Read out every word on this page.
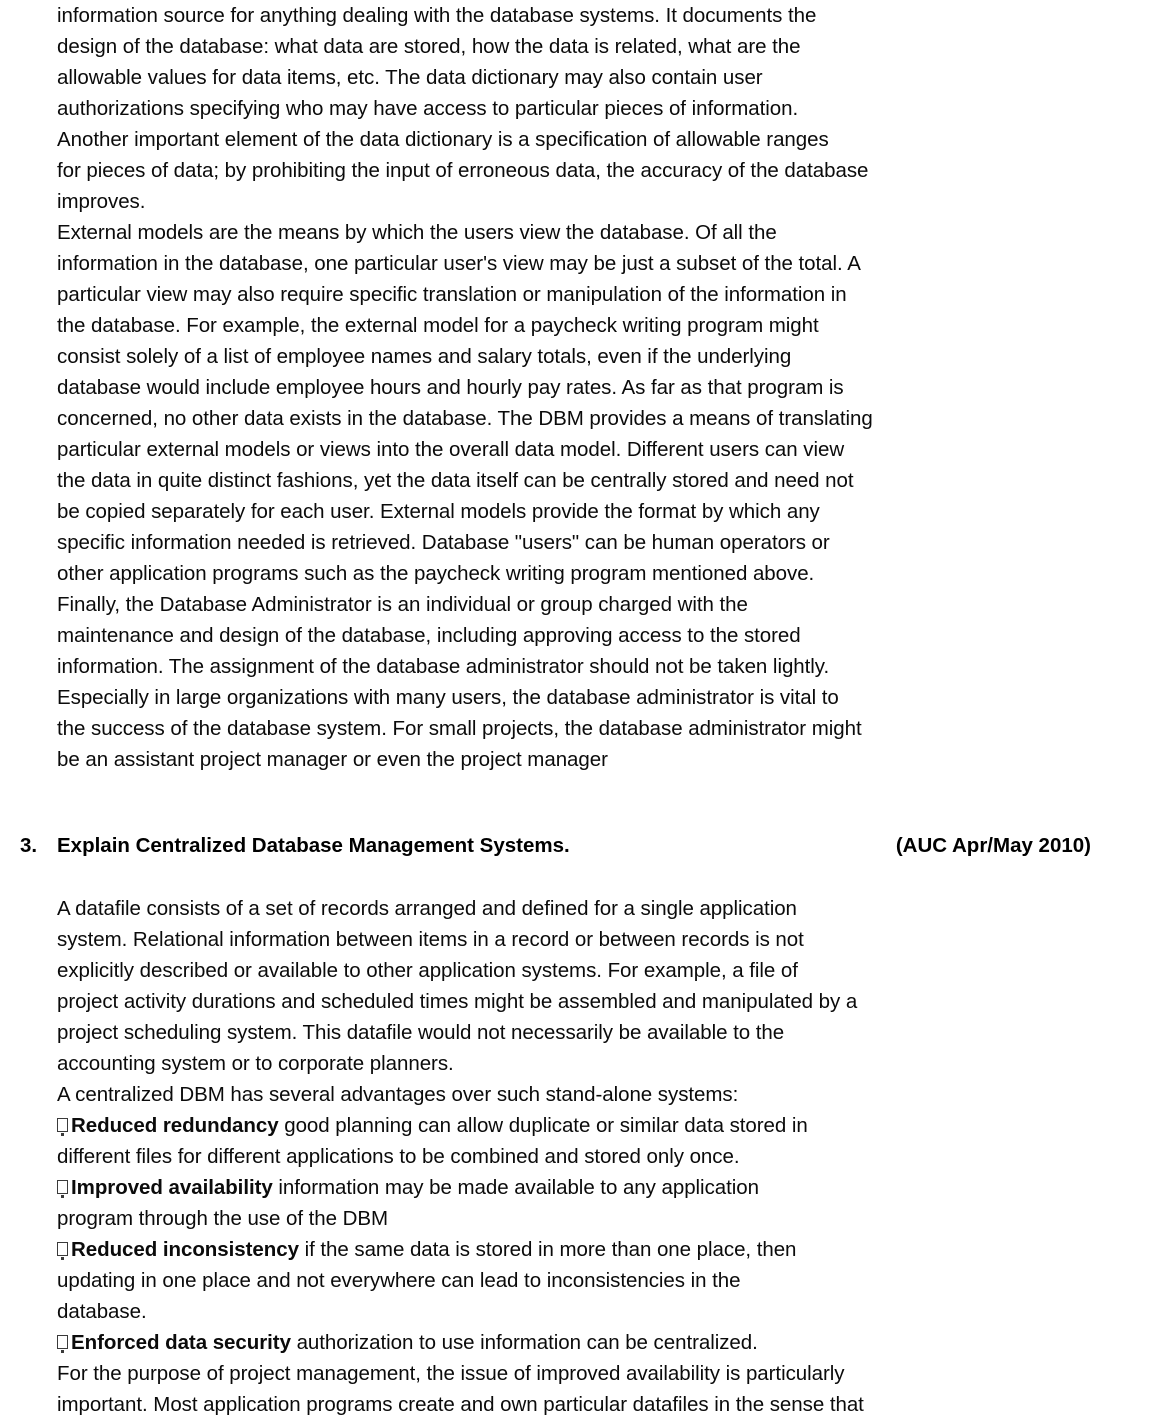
information source for anything dealing with the database systems. It documents the
design of the database: what data are stored, how the data is related, what are the
allowable values for data items, etc. The data dictionary may also contain user
authorizations specifying who may have access to particular pieces of information.
Another important element of the data dictionary is a specification of allowable ranges
for pieces of data; by prohibiting the input of erroneous data, the accuracy of the database
improves.
External models are the means by which the users view the database. Of all the
information in the database, one particular user's view may be just a subset of the total. A
particular view may also require specific translation or manipulation of the information in
the database. For example, the external model for a paycheck writing program might
consist solely of a list of employee names and salary totals, even if the underlying
database would include employee hours and hourly pay rates. As far as that program is
concerned, no other data exists in the database. The DBM provides a means of translating
particular external models or views into the overall data model. Different users can view
the data in quite distinct fashions, yet the data itself can be centrally stored and need not
be copied separately for each user. External models provide the format by which any
specific information needed is retrieved. Database "users" can be human operators or
other application programs such as the paycheck writing program mentioned above.
Finally, the Database Administrator is an individual or group charged with the
maintenance and design of the database, including approving access to the stored
information. The assignment of the database administrator should not be taken lightly.
Especially in large organizations with many users, the database administrator is vital to
the success of the database system. For small projects, the database administrator might
be an assistant project manager or even the project manager

3.

Explain Centralized Database Management Systems.

	(AUC Apr/May 2010)

A datafile consists of a set of records arranged and defined for a single application
system. Relational information between items in a record or between records is not
explicitly described or available to other application systems. For example, a file of
project activity durations and scheduled times might be assembled and manipulated by a
project scheduling system. This datafile would not necessarily be available to the
accounting system or to corporate planners.
A centralized DBM has several advantages over such stand-alone systems:
Reduced redundancy good planning can allow duplicate or similar data stored in
different files for different applications to be combined and stored only once.
Improved availability information may be made available to any application
program through the use of the DBM
Reduced inconsistency if the same data is stored in more than one place, then
updating in one place and not everywhere can lead to inconsistencies in the
database.
Enforced data security authorization to use information can be centralized.
For the purpose of project management, the issue of improved availability is particularly
important. Most application programs create and own particular datafiles in the sense that
